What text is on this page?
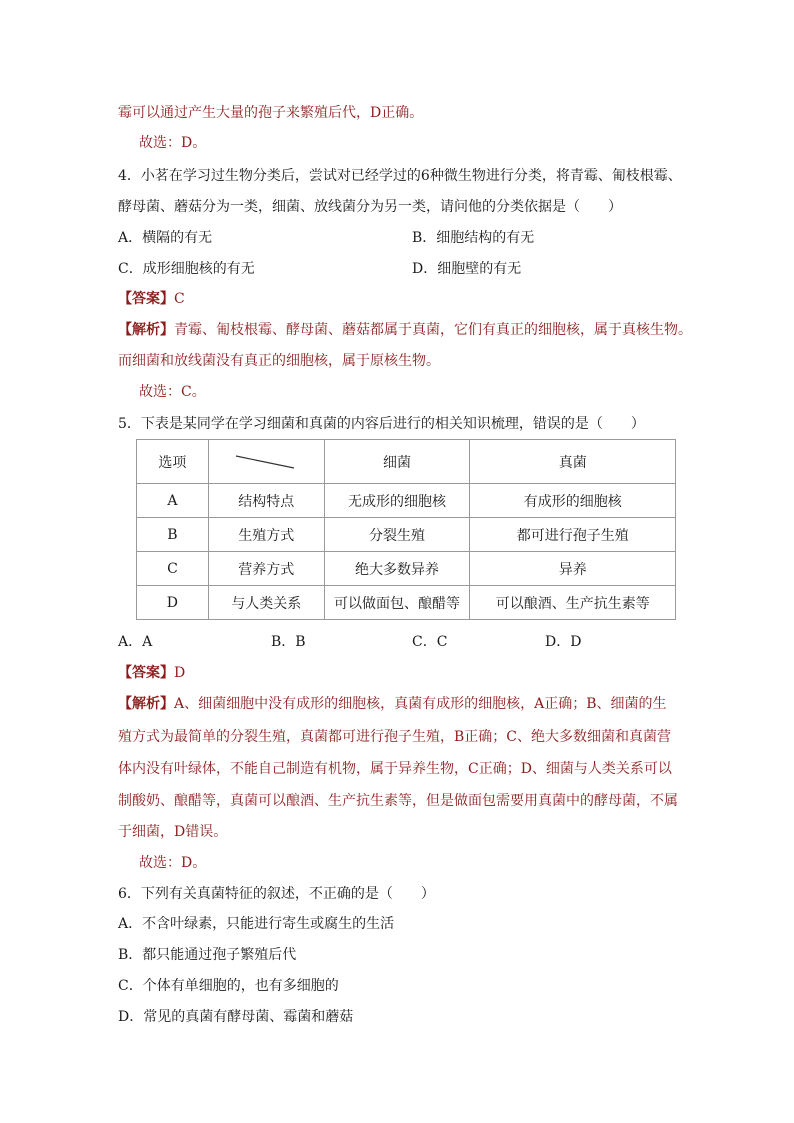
霉可以通过产生大量的孢子来繁殖后代，D正确。
故选：D。
4．小茗在学习过生物分类后，尝试对已经学过的6种微生物进行分类，将青霉、匍枝根霉、
酵母菌、蘑菇分为一类，细菌、放线菌分为另一类，请问他的分类依据是（　　）
A．横隔的有无	B．细胞结构的有无
C．成形细胞核的有无	D．细胞壁的有无
【答案】C
【解析】青霉、匍枝根霉、酵母菌、蘑菇都属于真菌，它们有真正的细胞核，属于真核生物。
而细菌和放线菌没有真正的细胞核，属于原核生物。
故选：C。
5．下表是某同学在学习细菌和真菌的内容后进行的相关知识梳理，错误的是（　　）
选项		细菌	真菌
A	结构特点	无成形的细胞核	有成形的细胞核
B	生殖方式	分裂生殖	都可进行孢子生殖
C	营养方式	绝大多数异养	异养
D	与人类关系	可以做面包、酿醋等	可以酿酒、生产抗生素等
A．A	B．B	C．C	D．D
【答案】D
【解析】A、细菌细胞中没有成形的细胞核，真菌有成形的细胞核，A正确；B、细菌的生
殖方式为最简单的分裂生殖，真菌都可进行孢子生殖，B正确；C、绝大多数细菌和真菌营
体内没有叶绿体，不能自己制造有机物，属于异养生物，C正确；D、细菌与人类关系可以
制酸奶、酿醋等，真菌可以酿酒、生产抗生素等，但是做面包需要用真菌中的酵母菌，不属
于细菌，D错误。
故选：D。
6．下列有关真菌特征的叙述，不正确的是（　　）
A．不含叶绿素，只能进行寄生或腐生的生活
B．都只能通过孢子繁殖后代
C．个体有单细胞的，也有多细胞的
D．常见的真菌有酵母菌、霉菌和蘑菇
